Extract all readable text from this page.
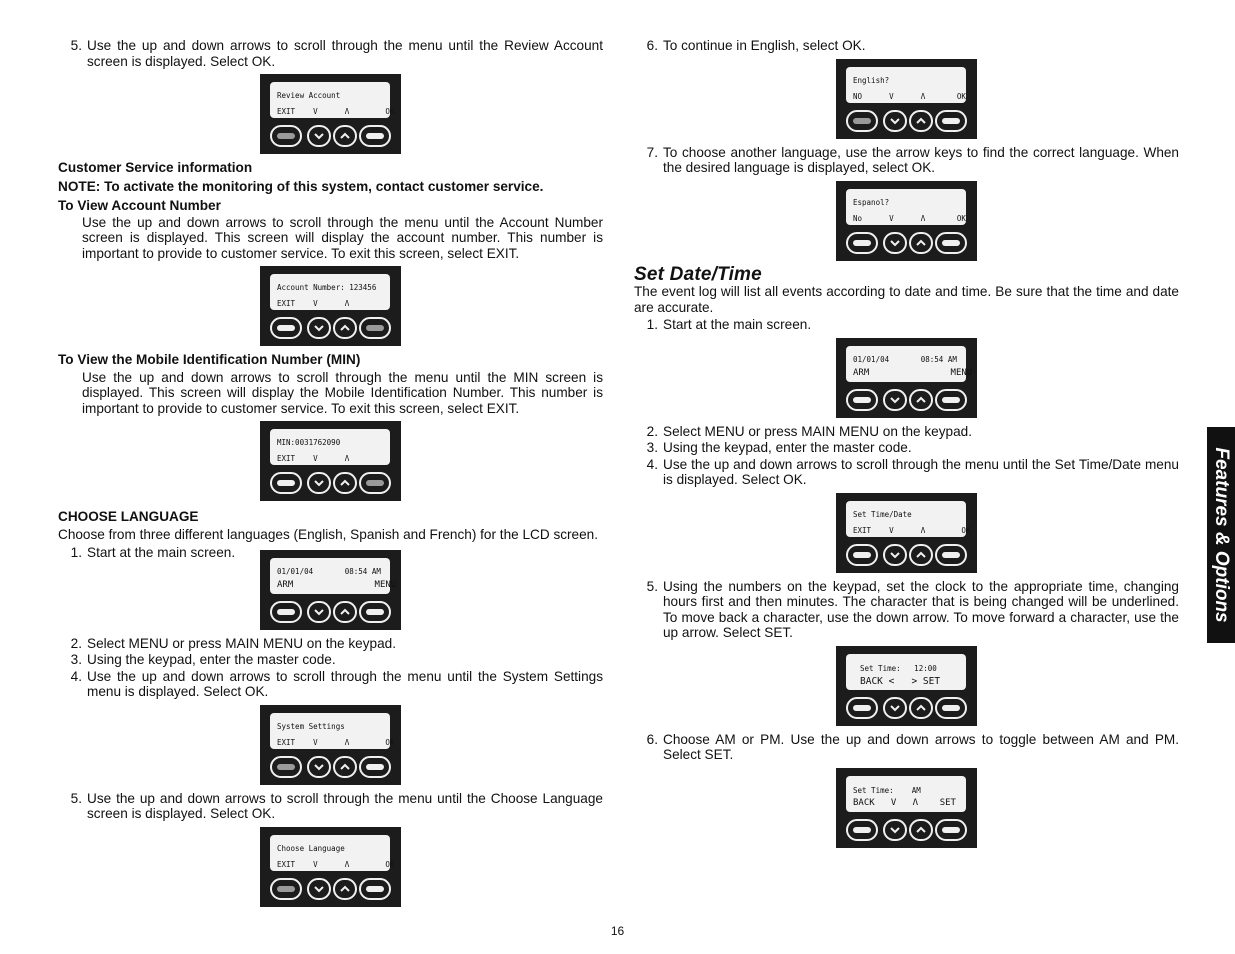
5. Use the up and down arrows to scroll through the menu until the Review Account screen is displayed. Select OK.
Review Account
EXIT    V      Λ        OK
Customer Service information
NOTE: To activate the monitoring of this system, contact customer service.
To View Account Number
Use the up and down arrows to scroll through the menu until the Account Number screen is displayed. This screen will display the account number. This number is important to provide to customer service. To exit this screen, select EXIT.
Account Number: 123456
EXIT    V      Λ
To View the Mobile Identification Number (MIN)
Use the up and down arrows to scroll through the menu until the MIN screen is displayed. This screen will display the Mobile Identification Number. This number is important to provide to customer service. To exit this screen, select EXIT.
MIN:0031762090
EXIT    V      Λ
CHOOSE LANGUAGE
Choose from three different languages (English, Spanish and French) for the LCD screen.
1. Start at the main screen.
01/01/04       08:54 AM
ARM               MENU
2. Select MENU or press MAIN MENU on the keypad.
3. Using the keypad, enter the master code.
4. Use the up and down arrows to scroll through the menu until the System Settings menu is displayed. Select OK.
System Settings
EXIT    V      Λ        OK
5. Use the up and down arrows to scroll through the menu until the Choose Language screen is displayed. Select OK.
Choose Language
EXIT    V      Λ        OK
6. To continue in English, select OK.
English?
NO      V      Λ       OK
7. To choose another language, use the arrow keys to find the correct language. When the desired language is displayed, select OK.
Espanol?
No      V      Λ       OK
Set Date/Time
The event log will list all events according to date and time. Be sure that the time and date are accurate.
1. Start at the main screen.
01/01/04       08:54 AM
ARM               MENU
2. Select MENU or press MAIN MENU on the keypad.
3. Using the keypad, enter the master code.
4. Use the up and down arrows to scroll through the menu until the Set Time/Date menu is displayed. Select OK.
Set Time/Date
EXIT    V      Λ        OK
5. Using the numbers on the keypad, set the clock to the appropriate time, changing hours first and then minutes. The character that is being changed will be underlined. To move back a character, use the down arrow. To move forward a character, use the up arrow. Select SET.
Set Time:   12:00
BACK <   > SET
6. Choose AM or PM. Use the up and down arrows to toggle between AM and PM. Select SET.
Set Time:    AM
BACK   V   Λ    SET
Features & Options
16
